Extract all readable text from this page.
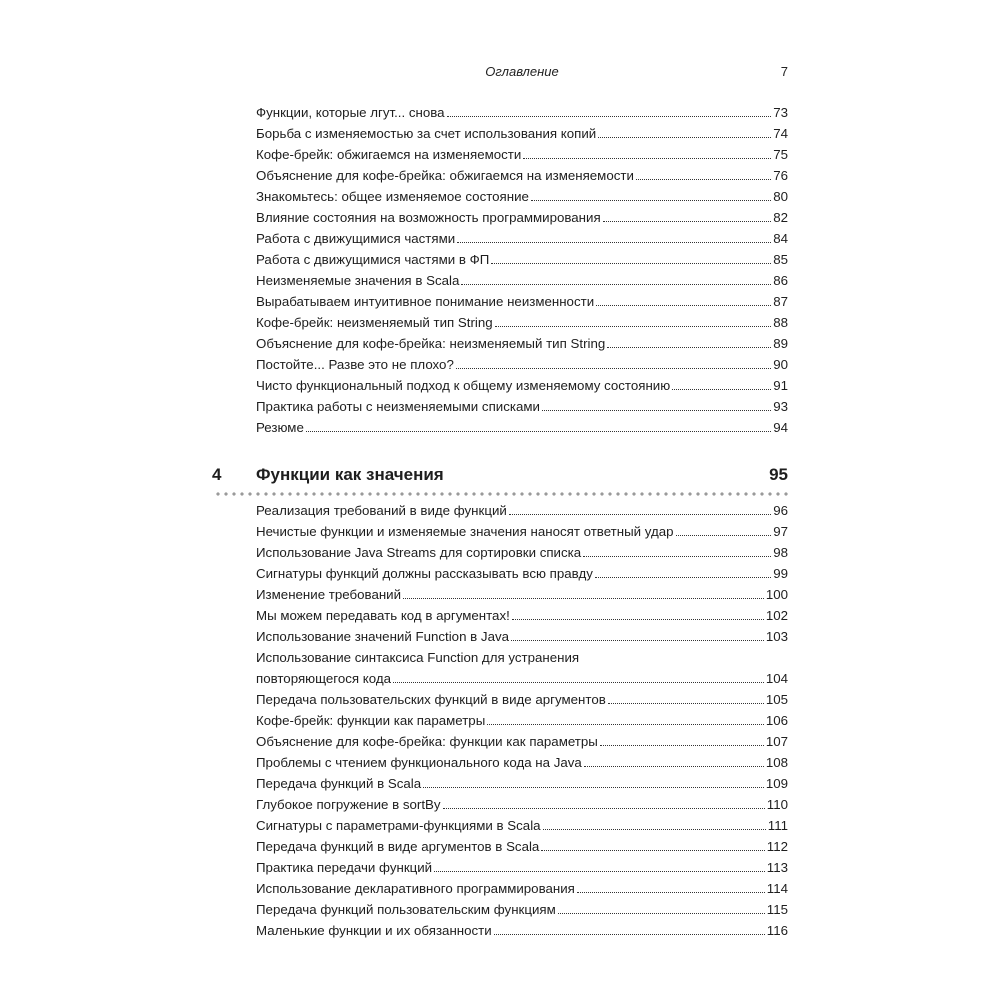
Оглавление	7
Функции, которые лгут... снова	73
Борьба с изменяемостью за счет использования копий	74
Кофе-брейк: обжигаемся на изменяемости	75
Объяснение для кофе-брейка: обжигаемся на изменяемости	76
Знакомьтесь: общее изменяемое состояние	80
Влияние состояния на возможность программирования	82
Работа с движущимися частями	84
Работа с движущимися частями в ФП	85
Неизменяемые значения в Scala	86
Вырабатываем интуитивное понимание неизменности	87
Кофе-брейк: неизменяемый тип String	88
Объяснение для кофе-брейка: неизменяемый тип String	89
Постойте... Разве это не плохо?	90
Чисто функциональный подход к общему изменяемому состоянию	91
Практика работы с неизменяемыми списками	93
Резюме	94
4 Функции как значения	95
Реализация требований в виде функций	96
Нечистые функции и изменяемые значения наносят ответный удар	97
Использование Java Streams для сортировки списка	98
Сигнатуры функций должны рассказывать всю правду	99
Изменение требований	100
Мы можем передавать код в аргументах!	102
Использование значений Function в Java	103
Использование синтаксиса Function для устранения
повторяющегося кода	104
Передача пользовательских функций в виде аргументов	105
Кофе-брейк: функции как параметры	106
Объяснение для кофе-брейка: функции как параметры	107
Проблемы с чтением функционального кода на Java	108
Передача функций в Scala	109
Глубокое погружение в sortBy	110
Сигнатуры с параметрами-функциями в Scala	111
Передача функций в виде аргументов в Scala	112
Практика передачи функций	113
Использование декларативного программирования	114
Передача функций пользовательским функциям	115
Маленькие функции и их обязанности	116
